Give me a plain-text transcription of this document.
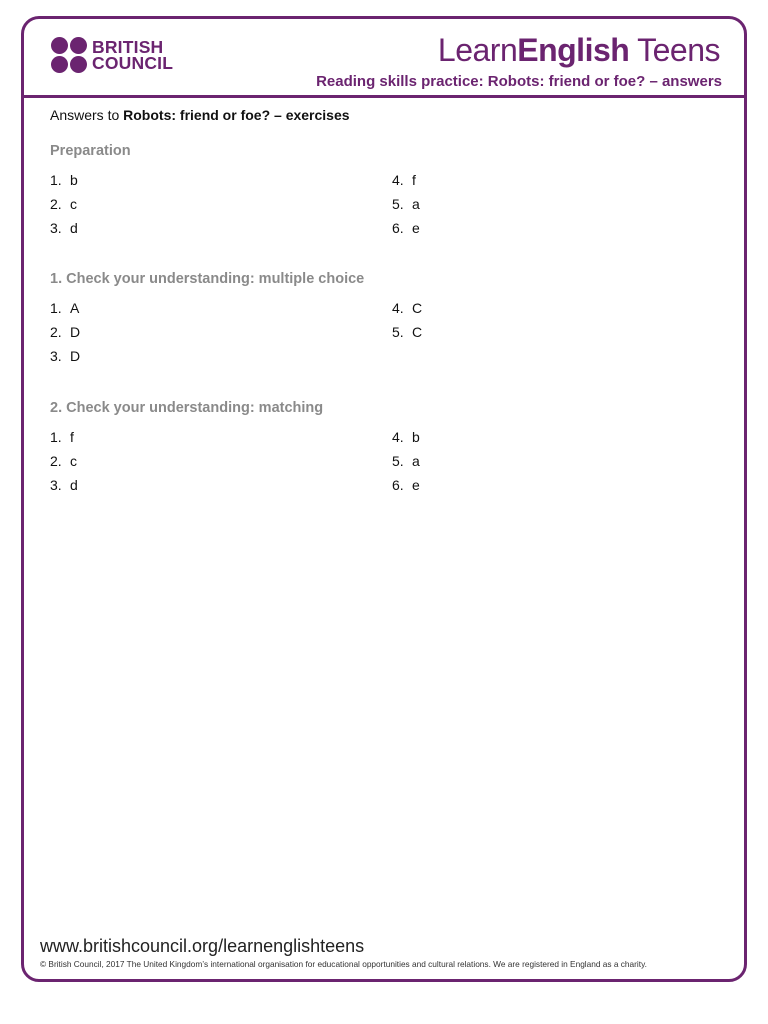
BRITISH
COUNCIL	LearnEnglish Teens
Reading skills practice: Robots: friend or foe? – answers
Answers to Robots: friend or foe? – exercises
Preparation
1. b
2. c
3. d
4. f
5. a
6. e
1. Check your understanding: multiple choice
1. A
2. D
3. D
4. C
5. C
2. Check your understanding: matching
1. f
2. c
3. d
4. b
5. a
6. e
www.britishcouncil.org/learnenglishteens
© British Council, 2017 The United Kingdom’s international organisation for educational opportunities and cultural relations. We are registered in England as a charity.
